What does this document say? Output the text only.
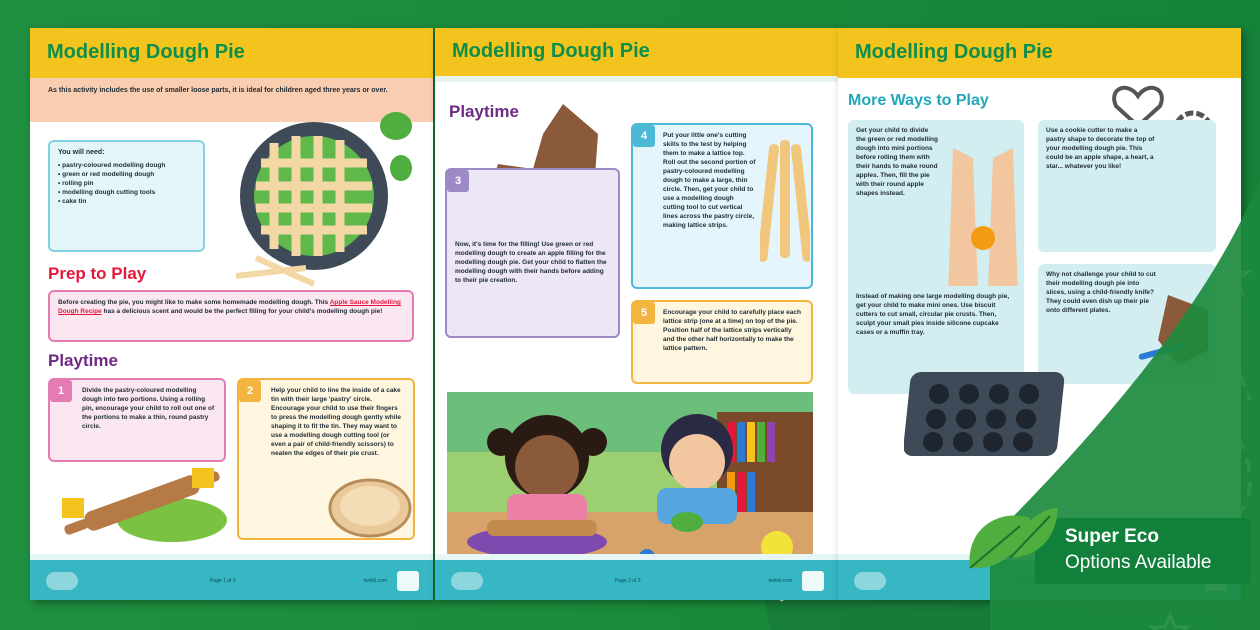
Modelling Dough Pie
As this activity includes the use of smaller loose parts, it is ideal for children aged three years or over.
You will need:
• pastry-coloured modelling dough
• green or red modelling dough
• rolling pin
• modelling dough cutting tools
• cake tin
Prep to Play
Before creating the pie, you might like to make some homemade modelling dough. This Apple Sauce Modelling Dough Recipe has a delicious scent and would be the perfect filling for your child's modelling dough pie!
Playtime
Divide the pastry-coloured modelling dough into two portions. Using a rolling pin, encourage your child to roll out one of the portions to make a thin, round pastry circle.
1	Help your child to line the inside of a cake tin with their large 'pastry' circle. Encourage your child to use their fingers to press the modelling dough gently while shaping it to fit the tin. They may want to use a modelling dough cutting tool (or even a pair of child-friendly scissors) to neaten the edges of their pie crust.
2
Page 1 of 3	twinkl.com
Modelling Dough Pie
Playtime
Now, it's time for the filling! Use green or red modelling dough to create an apple filling for the modelling dough pie. Get your child to flatten the modelling dough with their hands before adding to their pie creation.
3
Put your little one's cutting skills to the test by helping them to make a lattice top. Roll out the second portion of pastry-coloured modelling dough to make a large, thin circle. Then, get your child to use a modelling dough cutting tool to cut vertical lines across the pastry circle, making lattice strips.
4
Encourage your child to carefully place each lattice strip (one at a time) on top of the pie. Position half of the lattice strips vertically and the other half horizontally to make the lattice pattern.
5
Page 2 of 3	twinkl.com
Modelling Dough Pie
More Ways to Play
Get your child to divide the green or red modelling dough into mini portions before rolling them with their hands to make round apples. Then, fill the pie with their round apple shapes instead.
Use a cookie cutter to make a pastry shape to decorate the top of your modelling dough pie. This could be an apple shape, a heart, a star... whatever you like!
Why not challenge your child to cut their modelling dough pie into slices, using a child-friendly knife? They could even dish up their pie onto different plates.
Instead of making one large modelling dough pie, get your child to make mini ones. Use biscuit cutters to cut small, circular pie crusts. Then, sculpt your small pies inside silicone cupcake cases or a muffin tray.
Super Eco
Options Available
